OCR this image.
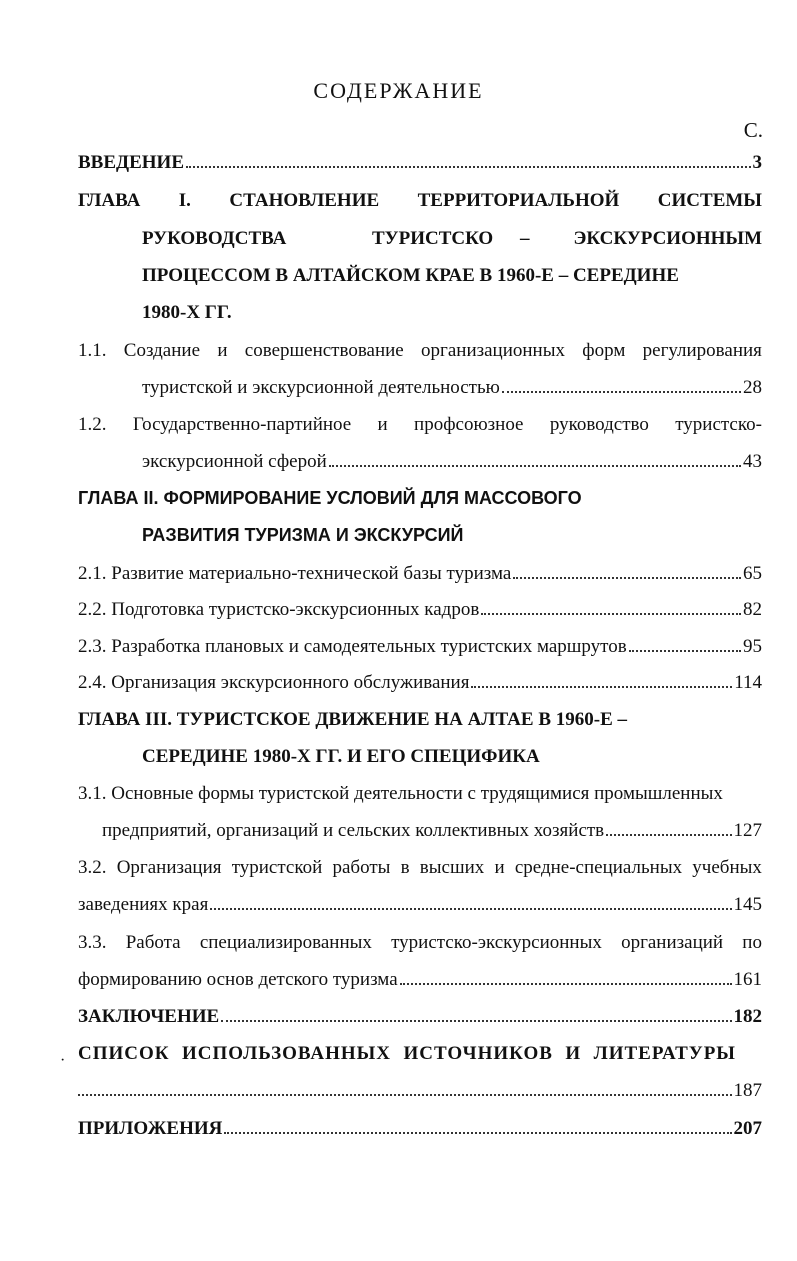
СОДЕРЖАНИЕ
С.
ВВЕДЕНИЕ	3
ГЛАВА I. СТАНОВЛЕНИЕ ТЕРРИТОРИАЛЬНОЙ СИСТЕМЫ
РУКОВОДСТВА	ТУРИСТСКО – ЭКСКУРСИОННЫМ

ПРОЦЕССОМ В АЛТАЙСКОМ КРАЕ В 1960-Е – СЕРЕДИНЕ
1980-Х ГГ.
1.1. Создание и совершенствование организационных форм регулирования
туристской и экскурсионной деятельностью	28
1.2. Государственно-партийное и профсоюзное руководство туристско-
экскурсионной сферой	43
ГЛАВА II. ФОРМИРОВАНИЕ УСЛОВИЙ ДЛЯ МАССОВОГО
РАЗВИТИЯ ТУРИЗМА И ЭКСКУРСИЙ
2.1. Развитие материально-технической базы туризма	65
2.2. Подготовка туристско-экскурсионных кадров	82
2.3. Разработка плановых и самодеятельных туристских маршрутов	95
2.4. Организация экскурсионного обслуживания	114
ГЛАВА III. ТУРИСТСКОЕ ДВИЖЕНИЕ НА АЛТАЕ В 1960-Е –
СЕРЕДИНЕ 1980-Х ГГ. И ЕГО СПЕЦИФИКА
3.1. Основные формы туристской деятельности с трудящимися промышленных
предприятий, организаций и сельских коллективных хозяйств	127
3.2. Организация туристской работы в высших и средне-специальных учебных
заведениях края	145
3.3. Работа специализированных туристско-экскурсионных организаций по
формированию основ детского туризма	161
ЗАКЛЮЧЕНИЕ	182
· СПИСОК ИСПОЛЬЗОВАННЫХ ИСТОЧНИКОВ И ЛИТЕРАТУРЫ
187
ПРИЛОЖЕНИЯ	207
